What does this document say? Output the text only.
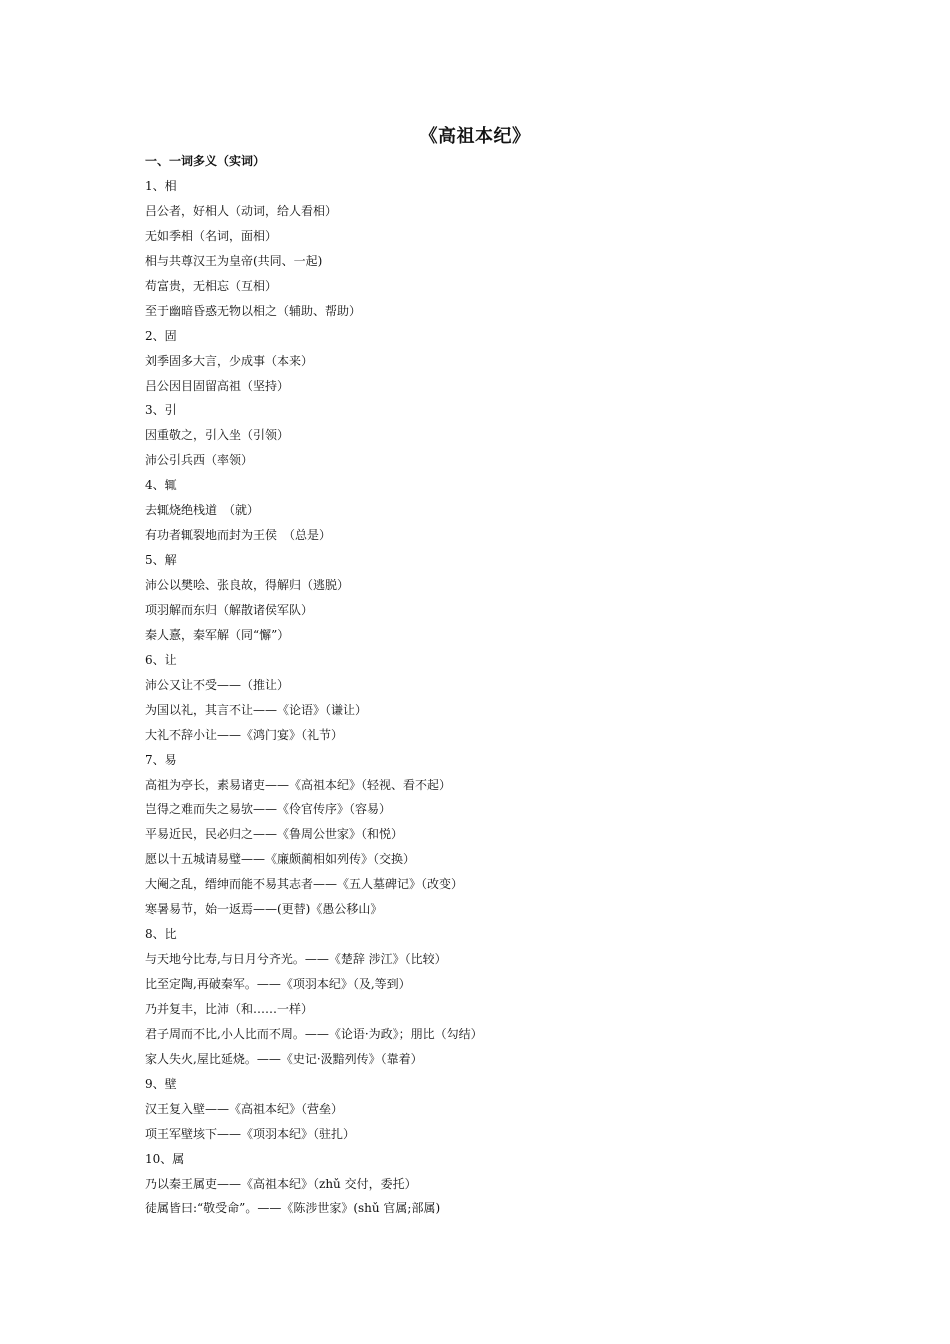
《高祖本纪》
一、一词多义（实词）
1、相
吕公者，好相人（动词，给人看相）
无如季相（名词，面相）
相与共尊汉王为皇帝(共同、一起)
苟富贵，无相忘（互相）
至于幽暗昏惑无物以相之（辅助、帮助）
2、固
刘季固多大言，少成事（本来）
吕公因目固留高祖（坚持）
3、引
因重敬之，引入坐（引领）
沛公引兵西（率领）
4、辄
去辄烧绝栈道　（就）
有功者辄裂地而封为王侯　（总是）
5、解
沛公以樊哙、张良故，得解归（逃脱）
项羽解而东归（解散诸侯军队）
秦人憙，秦军解（同“懈”）
6、让
沛公又让不受——（推让）
为国以礼，其言不让——《论语》（谦让）
大礼不辞小让——《鸿门宴》（礼节）
7、易
高祖为亭长，素易诸吏——《高祖本纪》（轻视、看不起）
岂得之难而失之易欤——《伶官传序》（容易）
平易近民，民必归之——《鲁周公世家》（和悦）
愿以十五城请易璧——《廉颇蔺相如列传》（交换）
大阉之乱，缙绅而能不易其志者——《五人墓碑记》（改变）
寒暑易节，始一返焉——(更替)《愚公移山》
8、比
与天地兮比寿,与日月兮齐光。——《楚辞 涉江》（比较）
比至定陶,再破秦军。——《项羽本纪》（及,等到）
乃并复丰，比沛（和……一样）
君子周而不比,小人比而不周。——《论语·为政》；朋比（勾结）
家人失火,屋比延烧。——《史记·汲黯列传》（靠着）
9、壁
汉王复入壁——《高祖本纪》（营垒）
项王军壁垓下——《项羽本纪》（驻扎）
10、属
乃以秦王属吏——《高祖本纪》（zhǔ 交付，委托）
徒属皆曰:“敬受命”。——《陈涉世家》(shǔ 官属;部属)
